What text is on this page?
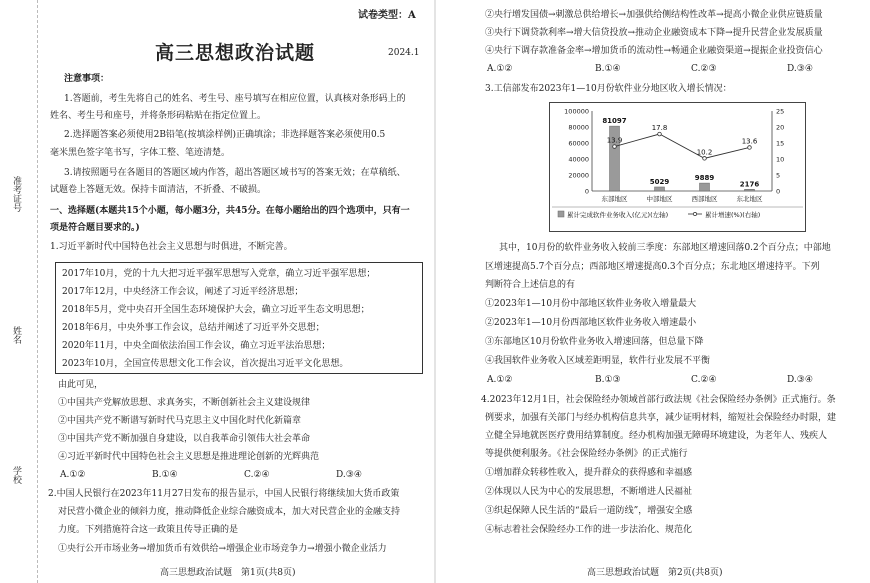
准考证号
姓名
学校
试卷类型：A
高三思想政治试题	2024.1
注意事项：
1.答题前，考生先将自己的姓名、考生号、座号填写在相应位置，认真核对条形码上的
姓名、考生号和座号，并将条形码粘贴在指定位置上。
2.选择题答案必须使用2B铅笔(按填涂样例)正确填涂；非选择题答案必须使用0.5
毫米黑色签字笔书写，字体工整、笔迹清楚。
3.请按照题号在各题目的答题区域内作答，超出答题区域书写的答案无效；在草稿纸、
试题卷上答题无效。保持卡面清洁，不折叠、不破损。
一、选择题(本题共15个小题，每小题3分，共45分。在每小题给出的四个选项中，只有一
项是符合题目要求的。)
1.习近平新时代中国特色社会主义思想与时俱进，不断完善。
2017年10月，党的十九大把习近平强军思想写入党章，确立习近平强军思想；
2017年12月，中央经济工作会议，阐述了习近平经济思想；
2018年5月，党中央召开全国生态环境保护大会，确立习近平生态文明思想；
2018年6月，中央外事工作会议，总结并阐述了习近平外交思想；
2020年11月，中央全面依法治国工作会议，确立习近平法治思想；
2023年10月，全国宣传思想文化工作会议，首次提出习近平文化思想。
由此可见，
①中国共产党解放思想、求真务实，不断创新社会主义建设规律
②中国共产党不断谱写新时代马克思主义中国化时代化新篇章
③中国共产党不断加强自身建设，以自我革命引领伟大社会革命
④习近平新时代中国特色社会主义思想是推进理论创新的光辉典范
A.①②	B.①④	C.②④	D.③④
2.中国人民银行在2023年11月27日发布的报告显示，中国人民银行将继续加大货币政策
对民营小微企业的倾斜力度，推动降低企业综合融资成本，加大对民营企业的金融支持
力度。下列措施符合这一政策且传导正确的是
①央行公开市场业务→增加货币有效供给→增强企业市场竞争力→增强小微企业活力
高三思想政治试题　第1页(共8页)
②央行增发国债→刺激总供给增长→加强供给侧结构性改革→提高小微企业供应链质量
③央行下调贷款利率→增大信贷投放→推动企业融资成本下降→提升民营企业发展质量
④央行下调存款准备金率→增加货币的流动性→畅通企业融资渠道→提振企业投资信心
A.①②	B.①④	C.②③	D.③④
3.工信部发布2023年1—10月份软件业分地区收入增长情况：
100000
80000
60000
40000
20000
0
25
20
15
10
5
0
81097
东部地区
5029
中部地区
9889
西部地区
2176
东北地区
13.9
17.8
10.2
13.6
累计完成软件业务收入(亿元)(左轴)	累计增速(%)(右轴)
其中，10月份的软件业务收入较前三季度：东部地区增速回落0.2个百分点；中部地
区增速提高5.7个百分点；西部地区增速提高0.3个百分点；东北地区增速持平。下列
判断符合上述信息的有
①2023年1—10月份中部地区软件业务收入增量最大
②2023年1—10月份西部地区软件业务收入增速最小
③东部地区10月份软件业务收入增速回落，但总量下降
④我国软件业务收入区域差距明显，软件行业发展不平衡
A.①②	B.①③	C.②④	D.③④
4.2023年12月1日，社会保险经办领域首部行政法规《社会保险经办条例》正式施行。条
例要求，加强有关部门与经办机构信息共享，减少证明材料，缩短社会保险经办时限，建
立健全异地就医医疗费用结算制度。经办机构加强无障碍环境建设，为老年人、残疾人
等提供便利服务。《社会保险经办条例》的正式施行
①增加群众转移性收入，提升群众的获得感和幸福感
②体现以人民为中心的发展思想，不断增进人民福祉
③织起保障人民生活的“最后一道防线”，增强安全感
④标志着社会保险经办工作的进一步法治化、规范化
高三思想政治试题　第2页(共8页)
